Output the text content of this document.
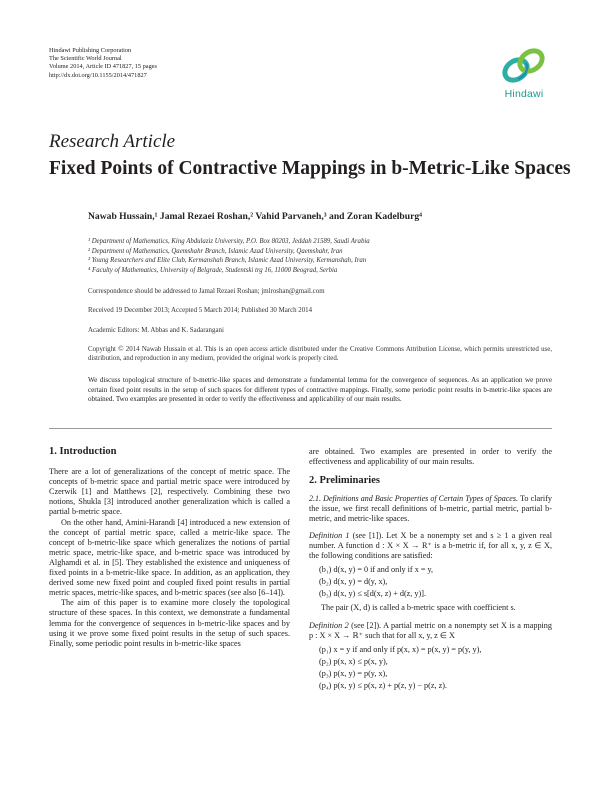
Hindawi Publishing Corporation
The Scientific World Journal
Volume 2014, Article ID 471827, 15 pages
http://dx.doi.org/10.1155/2014/471827
Hindawi
Research Article
Fixed Points of Contractive Mappings in b-Metric-Like Spaces
Nawab Hussain,¹ Jamal Rezaei Roshan,² Vahid Parvaneh,³ and Zoran Kadelburg⁴
¹ Department of Mathematics, King Abdulaziz University, P.O. Box 80203, Jeddah 21589, Saudi Arabia
² Department of Mathematics, Qaemshahr Branch, Islamic Azad University, Qaemshahr, Iran
³ Young Researchers and Elite Club, Kermanshah Branch, Islamic Azad University, Kermanshah, Iran
⁴ Faculty of Mathematics, University of Belgrade, Studentski trg 16, 11000 Beograd, Serbia
Correspondence should be addressed to Jamal Rezaei Roshan; jmlroshan@gmail.com
Received 19 December 2013; Accepted 5 March 2014; Published 30 March 2014
Academic Editors: M. Abbas and K. Sadarangani
Copyright © 2014 Nawab Hussain et al. This is an open access article distributed under the Creative Commons Attribution License, which permits unrestricted use, distribution, and reproduction in any medium, provided the original work is properly cited.
We discuss topological structure of b-metric-like spaces and demonstrate a fundamental lemma for the convergence of sequences. As an application we prove certain fixed point results in the setup of such spaces for different types of contractive mappings. Finally, some periodic point results in b-metric-like spaces are obtained. Two examples are presented in order to verify the effectiveness and applicability of our main results.
1. Introduction

There are a lot of generalizations of the concept of metric space. The concepts of b-metric space and partial metric space were introduced by Czerwik [1] and Matthews [2], respectively. Combining these two notions, Shukla [3] introduced another generalization which is called a partial b-metric space.

On the other hand, Amini-Harandi [4] introduced a new extension of the concept of partial metric space, called a metric-like space. The concept of b-metric-like space which generalizes the notions of partial metric space, metric-like space, and b-metric space was introduced by Alghamdi et al. in [5]. They established the existence and uniqueness of fixed points in a b-metric-like space. In addition, as an application, they derived some new fixed point and coupled fixed point results in partial metric spaces, metric-like spaces, and b-metric spaces (see also [6–14]).

The aim of this paper is to examine more closely the topological structure of these spaces. In this context, we demonstrate a fundamental lemma for the convergence of sequences in b-metric-like spaces and by using it we prove some fixed point results in the setup of such spaces. Finally, some periodic point results in b-metric-like spaces

are obtained. Two examples are presented in order to verify the effectiveness and applicability of our main results.

2. Preliminaries

2.1. Definitions and Basic Properties of Certain Types of Spaces. To clarify the issue, we first recall definitions of b-metric, partial metric, partial b-metric, and metric-like spaces.

Definition 1 (see [1]). Let X be a nonempty set and s ≥ 1 a given real number. A function d : X × X → R⁺ is a b-metric if, for all x, y, z ∈ X, the following conditions are satisfied:

(b₁) d(x, y) = 0 if and only if x = y,
(b₂) d(x, y) = d(y, x),
(b₃) d(x, y) ≤ s[d(x, z) + d(z, y)].

The pair (X, d) is called a b-metric space with coefficient s.

Definition 2 (see [2]). A partial metric on a nonempty set X is a mapping p : X × X → ℝ⁺ such that for all x, y, z ∈ X

(p₁) x = y if and only if p(x, x) = p(x, y) = p(y, y),
(p₂) p(x, x) ≤ p(x, y),
(p₃) p(x, y) = p(y, x),
(p₄) p(x, y) ≤ p(x, z) + p(z, y) − p(z, z).
